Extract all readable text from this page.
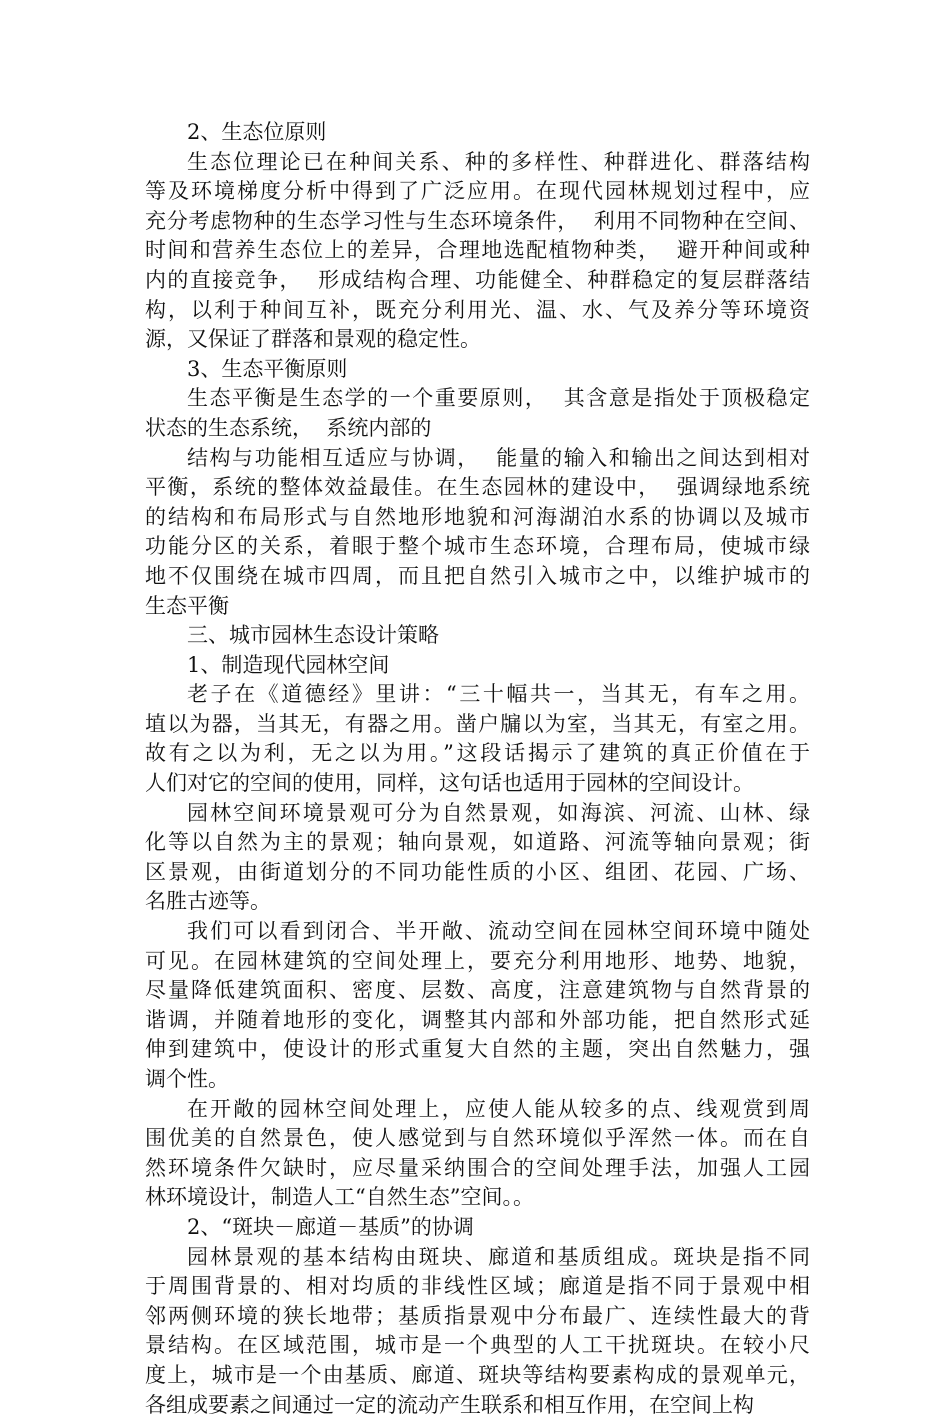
2、生态位原则
生态位理论已在种间关系、种的多样性、种群进化、群落结构
等及环境梯度分析中得到了广泛应用。在现代园林规划过程中，应
充分考虑物种的生态学习性与生态环境条件，  利用不同物种在空间、
时间和营养生态位上的差异，合理地选配植物种类，  避开种间或种
内的直接竞争，  形成结构合理、功能健全、种群稳定的复层群落结
构，以利于种间互补，既充分利用光、温、水、气及养分等环境资
源，又保证了群落和景观的稳定性。
3、生态平衡原则
生态平衡是生态学的一个重要原则，  其含意是指处于顶极稳定
状态的生态系统，  系统内部的
结构与功能相互适应与协调，  能量的输入和输出之间达到相对
平衡，系统的整体效益最佳。在生态园林的建设中，  强调绿地系统
的结构和布局形式与自然地形地貌和河海湖泊水系的协调以及城市
功能分区的关系，着眼于整个城市生态环境，合理布局，使城市绿
地不仅围绕在城市四周，而且把自然引入城市之中，以维护城市的
生态平衡
三、城市园林生态设计策略
1、制造现代园林空间
老子在《道德经》里讲：“三十幅共一，当其无，有车之用。
埴以为器，当其无，有器之用。凿户牖以为室，当其无，有室之用。
故有之以为利，无之以为用。”这段话揭示了建筑的真正价值在于
人们对它的空间的使用，同样，这句话也适用于园林的空间设计。
园林空间环境景观可分为自然景观，如海滨、河流、山林、绿
化等以自然为主的景观；轴向景观，如道路、河流等轴向景观；街
区景观，由街道划分的不同功能性质的小区、组团、花园、广场、
名胜古迹等。
我们可以看到闭合、半开敞、流动空间在园林空间环境中随处
可见。在园林建筑的空间处理上，要充分利用地形、地势、地貌，
尽量降低建筑面积、密度、层数、高度，注意建筑物与自然背景的
谐调，并随着地形的变化，调整其内部和外部功能，把自然形式延
伸到建筑中，使设计的形式重复大自然的主题，突出自然魅力，强
调个性。
在开敞的园林空间处理上，应使人能从较多的点、线观赏到周
围优美的自然景色，使人感觉到与自然环境似乎浑然一体。而在自
然环境条件欠缺时，应尽量采纳围合的空间处理手法，加强人工园
林环境设计，制造人工“自然生态”空间。。
2、“斑块－廊道－基质”的协调
园林景观的基本结构由斑块、廊道和基质组成。斑块是指不同
于周围背景的、相对均质的非线性区域；廊道是指不同于景观中相
邻两侧环境的狭长地带；基质指景观中分布最广、连续性最大的背
景结构。在区域范围，城市是一个典型的人工干扰斑块。在较小尺
度上，城市是一个由基质、廊道、斑块等结构要素构成的景观单元，
各组成要素之间通过一定的流动产生联系和相互作用，在空间上构
